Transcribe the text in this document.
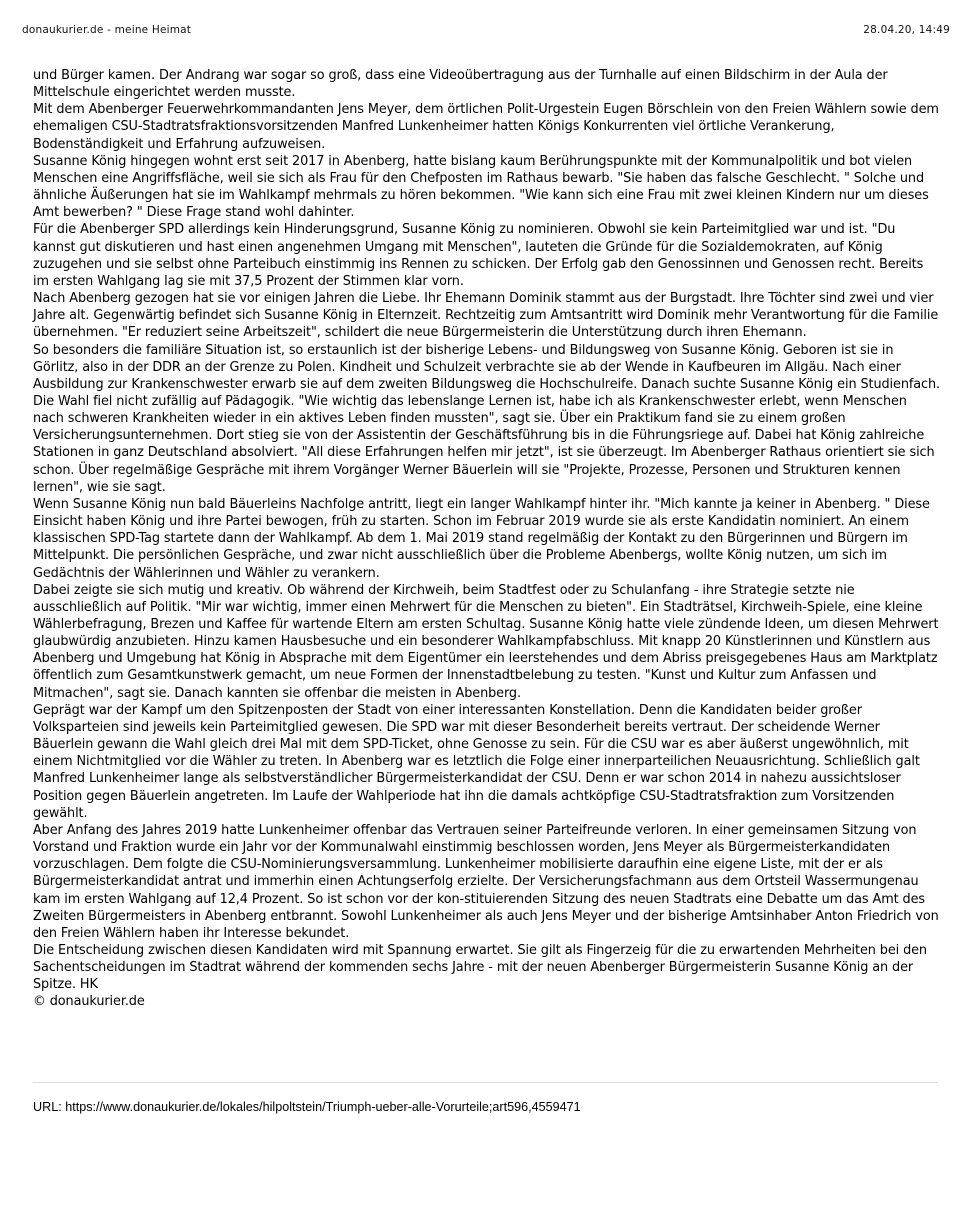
donaukurier.de - meine Heimat	28.04.20, 14:49

und Bürger kamen. Der Andrang war sogar so groß, dass eine Videoübertragung aus der Turnhalle auf einen Bildschirm in der Aula der Mittelschule eingerichtet werden musste.

Mit dem Abenberger Feuerwehrkommandanten Jens Meyer, dem örtlichen Polit-Urgestein Eugen Börschlein von den Freien Wählern sowie dem ehemaligen CSU-Stadtratsfraktionsvorsitzenden Manfred Lunkenheimer hatten Königs Konkurrenten viel örtliche Verankerung, Bodenständigkeit und Erfahrung aufzuweisen.

Susanne König hingegen wohnt erst seit 2017 in Abenberg, hatte bislang kaum Berührungspunkte mit der Kommunalpolitik und bot vielen Menschen eine Angriffsfläche, weil sie sich als Frau für den Chefposten im Rathaus bewarb. "Sie haben das falsche Geschlecht. " Solche und ähnliche Äußerungen hat sie im Wahlkampf mehrmals zu hören bekommen. "Wie kann sich eine Frau mit zwei kleinen Kindern nur um dieses Amt bewerben? " Diese Frage stand wohl dahinter.

Für die Abenberger SPD allerdings kein Hinderungsgrund, Susanne König zu nominieren. Obwohl sie kein Parteimitglied war und ist. "Du kannst gut diskutieren und hast einen angenehmen Umgang mit Menschen", lauteten die Gründe für die Sozialdemokraten, auf König zuzugehen und sie selbst ohne Parteibuch einstimmig ins Rennen zu schicken. Der Erfolg gab den Genossinnen und Genossen recht. Bereits im ersten Wahlgang lag sie mit 37,5 Prozent der Stimmen klar vorn.

Nach Abenberg gezogen hat sie vor einigen Jahren die Liebe. Ihr Ehemann Dominik stammt aus der Burgstadt. Ihre Töchter sind zwei und vier Jahre alt. Gegenwärtig befindet sich Susanne König in Elternzeit. Rechtzeitig zum Amtsantritt wird Dominik mehr Verantwortung für die Familie übernehmen. "Er reduziert seine Arbeitszeit", schildert die neue Bürgermeisterin die Unterstützung durch ihren Ehemann.

So besonders die familiäre Situation ist, so erstaunlich ist der bisherige Lebens- und Bildungsweg von Susanne König. Geboren ist sie in Görlitz, also in der DDR an der Grenze zu Polen. Kindheit und Schulzeit verbrachte sie ab der Wende in Kaufbeuren im Allgäu. Nach einer Ausbildung zur Krankenschwester erwarb sie auf dem zweiten Bildungsweg die Hochschulreife. Danach suchte Susanne König ein Studienfach. Die Wahl fiel nicht zufällig auf Pädagogik. "Wie wichtig das lebenslange Lernen ist, habe ich als Krankenschwester erlebt, wenn Menschen nach schweren Krankheiten wieder in ein aktives Leben finden mussten", sagt sie. Über ein Praktikum fand sie zu einem großen Versicherungsunternehmen. Dort stieg sie von der Assistentin der Geschäftsführung bis in die Führungsriege auf. Dabei hat König zahlreiche Stationen in ganz Deutschland absolviert. "All diese Erfahrungen helfen mir jetzt", ist sie überzeugt. Im Abenberger Rathaus orientiert sie sich schon. Über regelmäßige Gespräche mit ihrem Vorgänger Werner Bäuerlein will sie "Projekte, Prozesse, Personen und Strukturen kennen lernen", wie sie sagt.

Wenn Susanne König nun bald Bäuerleins Nachfolge antritt, liegt ein langer Wahlkampf hinter ihr. "Mich kannte ja keiner in Abenberg. " Diese Einsicht haben König und ihre Partei bewogen, früh zu starten. Schon im Februar 2019 wurde sie als erste Kandidatin nominiert. An einem klassischen SPD-Tag startete dann der Wahlkampf. Ab dem 1. Mai 2019 stand regelmäßig der Kontakt zu den Bürgerinnen und Bürgern im Mittelpunkt. Die persönlichen Gespräche, und zwar nicht ausschließlich über die Probleme Abenbergs, wollte König nutzen, um sich im Gedächtnis der Wählerinnen und Wähler zu verankern.

Dabei zeigte sie sich mutig und kreativ. Ob während der Kirchweih, beim Stadtfest oder zu Schulanfang - ihre Strategie setzte nie ausschließlich auf Politik. "Mir war wichtig, immer einen Mehrwert für die Menschen zu bieten". Ein Stadträtsel, Kirchweih-Spiele, eine kleine Wählerbefragung, Brezen und Kaffee für wartende Eltern am ersten Schultag. Susanne König hatte viele zündende Ideen, um diesen Mehrwert glaubwürdig anzubieten. Hinzu kamen Hausbesuche und ein besonderer Wahlkampfabschluss. Mit knapp 20 Künstlerinnen und Künstlern aus Abenberg und Umgebung hat König in Absprache mit dem Eigentümer ein leerstehendes und dem Abriss preisgegebenes Haus am Marktplatz öffentlich zum Gesamtkunstwerk gemacht, um neue Formen der Innenstadtbelebung zu testen. "Kunst und Kultur zum Anfassen und Mitmachen", sagt sie. Danach kannten sie offenbar die meisten in Abenberg.

Geprägt war der Kampf um den Spitzenposten der Stadt von einer interessanten Konstellation. Denn die Kandidaten beider großer Volksparteien sind jeweils kein Parteimitglied gewesen. Die SPD war mit dieser Besonderheit bereits vertraut. Der scheidende Werner Bäuerlein gewann die Wahl gleich drei Mal mit dem SPD-Ticket, ohne Genosse zu sein. Für die CSU war es aber äußerst ungewöhnlich, mit einem Nichtmitglied vor die Wähler zu treten. In Abenberg war es letztlich die Folge einer innerparteilichen Neuausrichtung. Schließlich galt Manfred Lunkenheimer lange als selbstverständlicher Bürgermeisterkandidat der CSU. Denn er war schon 2014 in nahezu aussichtsloser Position gegen Bäuerlein angetreten. Im Laufe der Wahlperiode hat ihn die damals achtköpfige CSU-Stadtratsfraktion zum Vorsitzenden gewählt.

Aber Anfang des Jahres 2019 hatte Lunkenheimer offenbar das Vertrauen seiner Parteifreunde verloren. In einer gemeinsamen Sitzung von Vorstand und Fraktion wurde ein Jahr vor der Kommunalwahl einstimmig beschlossen worden, Jens Meyer als Bürgermeisterkandidaten vorzuschlagen. Dem folgte die CSU-Nominierungsversammlung. Lunkenheimer mobilisierte daraufhin eine eigene Liste, mit der er als Bürgermeisterkandidat antrat und immerhin einen Achtungserfolg erzielte. Der Versicherungsfachmann aus dem Ortsteil Wassermungenau kam im ersten Wahlgang auf 12,4 Prozent. So ist schon vor der kon-stituierenden Sitzung des neuen Stadtrats eine Debatte um das Amt des Zweiten Bürgermeisters in Abenberg entbrannt. Sowohl Lunkenheimer als auch Jens Meyer und der bisherige Amtsinhaber Anton Friedrich von den Freien Wählern haben ihr Interesse bekundet.

Die Entscheidung zwischen diesen Kandidaten wird mit Spannung erwartet. Sie gilt als Fingerzeig für die zu erwartenden Mehrheiten bei den Sachentscheidungen im Stadtrat während der kommenden sechs Jahre - mit der neuen Abenberger Bürgermeisterin Susanne König an der Spitze. HK

© donaukurier.de

URL: https://www.donaukurier.de/lokales/hilpoltstein/Triumph-ueber-alle-Vorurteile;art596,4559471
